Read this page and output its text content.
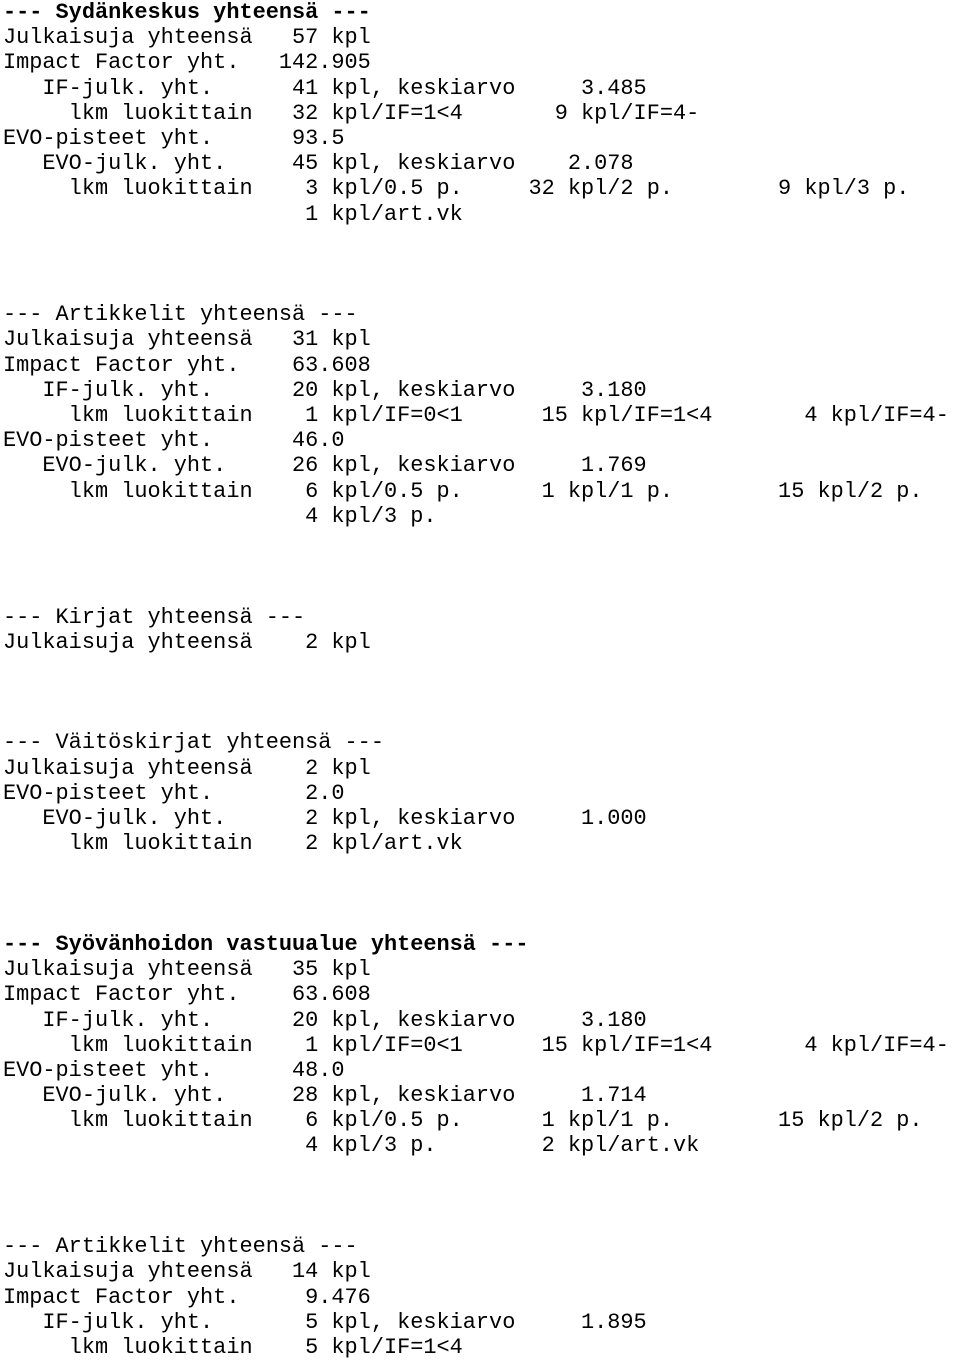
--- Sydänkeskus yhteensä ---
Julkaisuja yhteensä   57 kpl
Impact Factor yht.   142.905
IF-julk. yht.      41 kpl, keskiarvo     3.485
lkm luokittain   32 kpl/IF=1<4       9 kpl/IF=4-
EVO-pisteet yht.      93.5
EVO-julk. yht.     45 kpl, keskiarvo    2.078
lkm luokittain    3 kpl/0.5 p.     32 kpl/2 p.        9 kpl/3 p.
1 kpl/art.vk
--- Artikkelit yhteensä ---
Julkaisuja yhteensä   31 kpl
Impact Factor yht.    63.608
IF-julk. yht.      20 kpl, keskiarvo     3.180
lkm luokittain    1 kpl/IF=0<1      15 kpl/IF=1<4       4 kpl/IF=4-
EVO-pisteet yht.      46.0
EVO-julk. yht.     26 kpl, keskiarvo     1.769
lkm luokittain    6 kpl/0.5 p.      1 kpl/1 p.        15 kpl/2 p.
4 kpl/3 p.
--- Kirjat yhteensä ---
Julkaisuja yhteensä    2 kpl
--- Väitöskirjat yhteensä ---
Julkaisuja yhteensä    2 kpl
EVO-pisteet yht.       2.0
EVO-julk. yht.      2 kpl, keskiarvo     1.000
lkm luokittain    2 kpl/art.vk
--- Syövänhoidon vastuualue yhteensä ---
Julkaisuja yhteensä   35 kpl
Impact Factor yht.    63.608
IF-julk. yht.      20 kpl, keskiarvo     3.180
lkm luokittain    1 kpl/IF=0<1      15 kpl/IF=1<4       4 kpl/IF=4-
EVO-pisteet yht.      48.0
EVO-julk. yht.     28 kpl, keskiarvo     1.714
lkm luokittain    6 kpl/0.5 p.      1 kpl/1 p.        15 kpl/2 p.
4 kpl/3 p.        2 kpl/art.vk
--- Artikkelit yhteensä ---
Julkaisuja yhteensä   14 kpl
Impact Factor yht.     9.476
IF-julk. yht.       5 kpl, keskiarvo     1.895
lkm luokittain    5 kpl/IF=1<4
